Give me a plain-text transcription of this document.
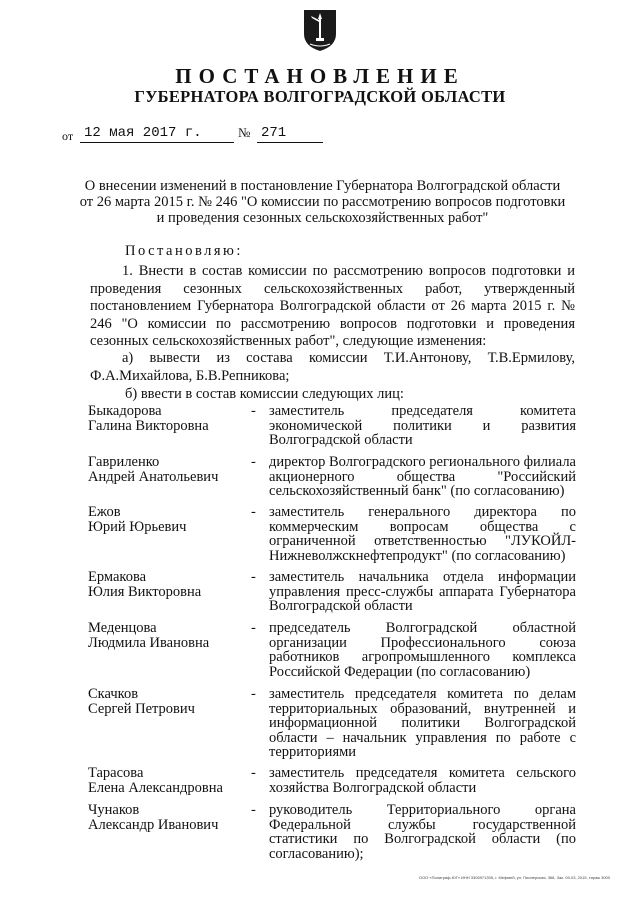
ПОСТАНОВЛЕНИЕ
ГУБЕРНАТОРА ВОЛГОГРАДСКОЙ ОБЛАСТИ
от 12 мая 2017 г.	№ 271
О внесении изменений в постановление Губернатора Волгоградской области
от 26 марта 2015 г. № 246 "О комиссии по рассмотрению вопросов подготовки
и проведения сезонных сельскохозяйственных работ"
Постановляю:
1. Внести в состав комиссии по рассмотрению вопросов подготовки и проведения сезонных сельскохозяйственных работ, утвержденный постановлением Губернатора Волгоградской области от 26 марта 2015 г. № 246 "О комиссии по рассмотрению вопросов подготовки и проведения сезонных сельскохозяйственных работ", следующие изменения:
а) вывести из состава комиссии Т.И.Антонову, Т.В.Ермилову, Ф.А.Михайлова, Б.В.Репникова;
б) ввести в состав комиссии следующих лиц:
Быкадорова
Галина Викторовна
- заместитель председателя комитета экономической политики и развития Волгоградской области
Гавриленко
Андрей Анатольевич
- директор Волгоградского регионального филиала акционерного общества "Российский сельскохозяйственный банк" (по согласованию)
Ежов
Юрий Юрьевич
- заместитель генерального директора по коммерческим вопросам общества с ограниченной ответственностью "ЛУКОЙЛ-Нижневолжскнефтепродукт" (по согласованию)
Ермакова
Юлия Викторовна
- заместитель начальника отдела информации управления пресс-службы аппарата Губернатора Волгоградской области
Меденцова
Людмила Ивановна
- председатель Волгоградской областной организации Профессионального союза работников агропромышленного комплекса Российской Федерации (по согласованию)
Скачков
Сергей Петрович
- заместитель председателя комитета по делам территориальных образований, внутренней и информационной политики Волгоградской области – начальник управления по работе с территориями
Тарасова
Елена Александровна
- заместитель председателя комитета сельского хозяйства Волгоградской области
Чунаков
Александр Иванович
- руководитель Территориального органа Федеральной службы государственной статистики по Волгоградской области (по согласованию);
ООО «Полиграф-ЮГ» ИНН 3305971305, г. Мефмей, ул. Пионерская, 368, Зак. 09-03, 2015, тираж 3000
